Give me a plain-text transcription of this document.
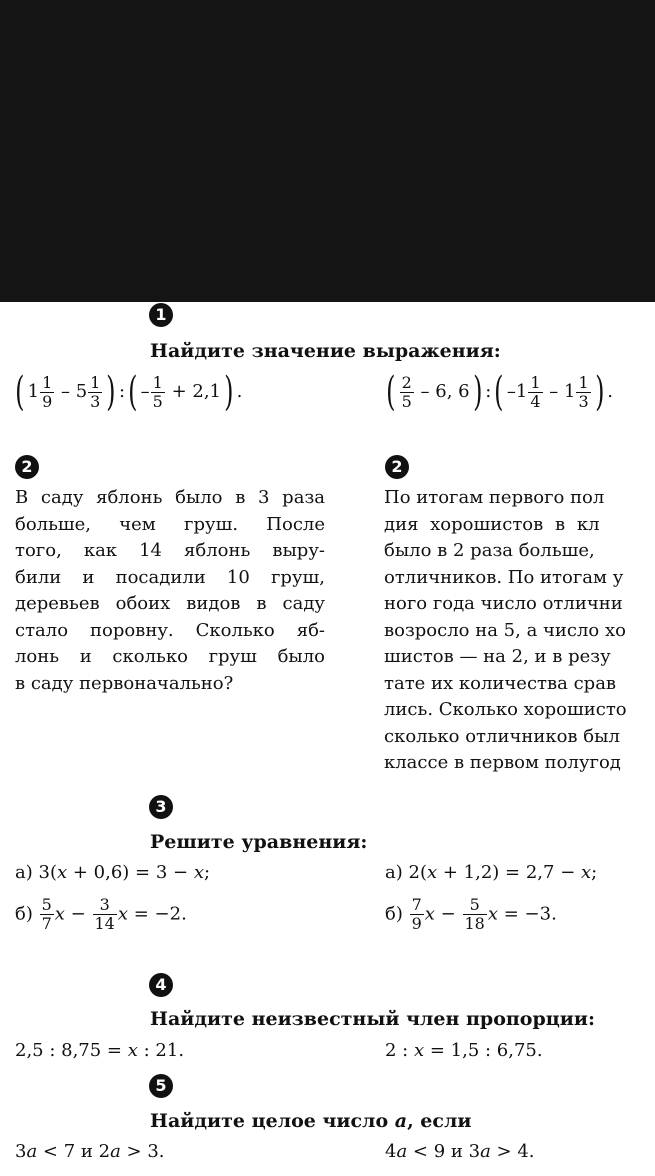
1
Найдите значение выражения:
( $1 \frac{1}{9} - 5 \frac{1}{3}$ ) :( – $\frac{1}{5} + 2,1$) .	( $\frac{2}{5} - 6$, 6) :( $-1 \frac{1}{4} - 1 \frac{1}{3}$ ) .
2	2
В саду яблонь было в 3 раза
больше, чем груш. После
того, как 14 яблонь выру-
били и посадили 10 груш,
деревьев обоих видов в саду
стало поровну. Сколько яб-
лонь и сколько груш было
в саду первоначально?
По итогам первого пол
дия хорошистов в кл
было в 2 раза больше,
отличников. По итогам у
ного года число отлични
возросло на 5, а число хо
шистов — на 2, и в резу
тате их количества срав
лись. Сколько хорошисто
сколько отличников был
классе в первом полугод
3
Решите уравнения:
а) 3(x + 0,6) = 3 − x;	а) 2(x + 1,2) = 2,7 − x;
$б) \frac{5}{7}$ $x - \frac{3}{14}$ x = −2.	$б) \frac{7}{9}$ $x - \frac{5}{18}$ x = −3.
4
Найдите неизвестный член пропорции:
2,5 : 8,75 = x : 21.	2 : x = 1,5 : 6,75.
5
Найдите целое число a, если
3a < 7 и 2a > 3.	4a < 9 и 3a > 4.
